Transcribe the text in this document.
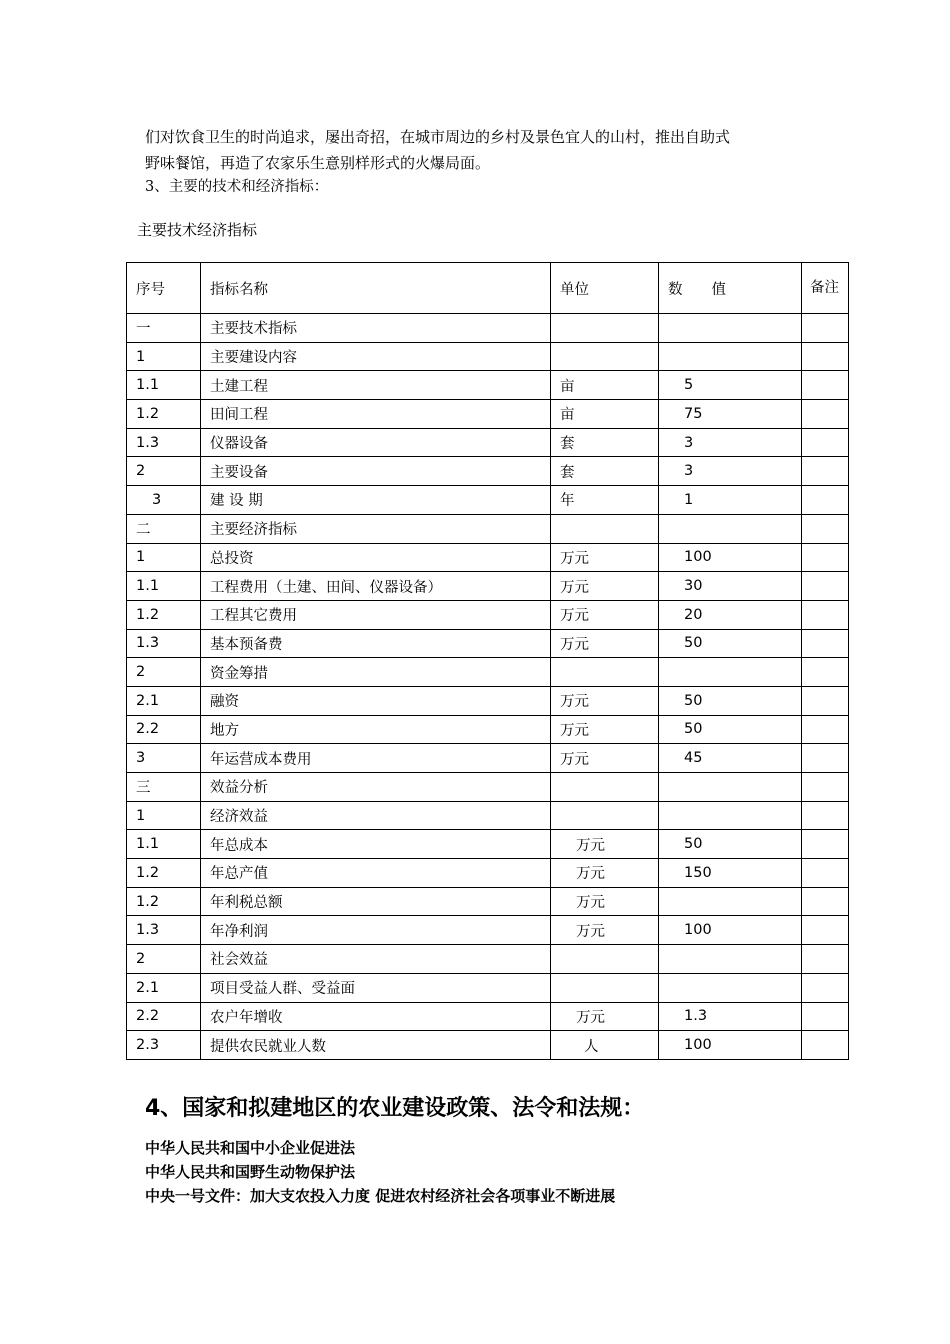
们对饮食卫生的时尚追求，屡出奇招，在城市周边的乡村及景色宜人的山村，推出自助式
野味餐馆，再造了农家乐生意别样形式的火爆局面。
3、主要的技术和经济指标：
主要技术经济指标
序号	指标名称	单位	数　　值	备注
一	主要技术指标			
1	主要建设内容			
1.1	土建工程	亩	5	
1.2	田间工程	亩	75	
1.3	仪器设备	套	3	
2	主要设备	套	3	
3	建 设 期	年	1	
二	主要经济指标			
1	总投资	万元	100	
1.1	工程费用（土建、田间、仪器设备）	万元	30	
1.2	工程其它费用	万元	20	
1.3	基本预备费	万元	50	
2	资金筹措			
2.1	融资	万元	50	
2.2	地方	万元	50	
3	年运营成本费用	万元	45	
三	效益分析			
1	经济效益			
1.1	年总成本	万元	50	
1.2	年总产值	万元	150	
1.2	年利税总额	万元		
1.3	年净利润	万元	100	
2	社会效益			
2.1	项目受益人群、受益面			
2.2	农户年增收	万元	1.3	
2.3	提供农民就业人数	人	100	
4、国家和拟建地区的农业建设政策、法令和法规：
中华人民共和国中小企业促进法
中华人民共和国野生动物保护法
中央一号文件：加大支农投入力度 促进农村经济社会各项事业不断进展
